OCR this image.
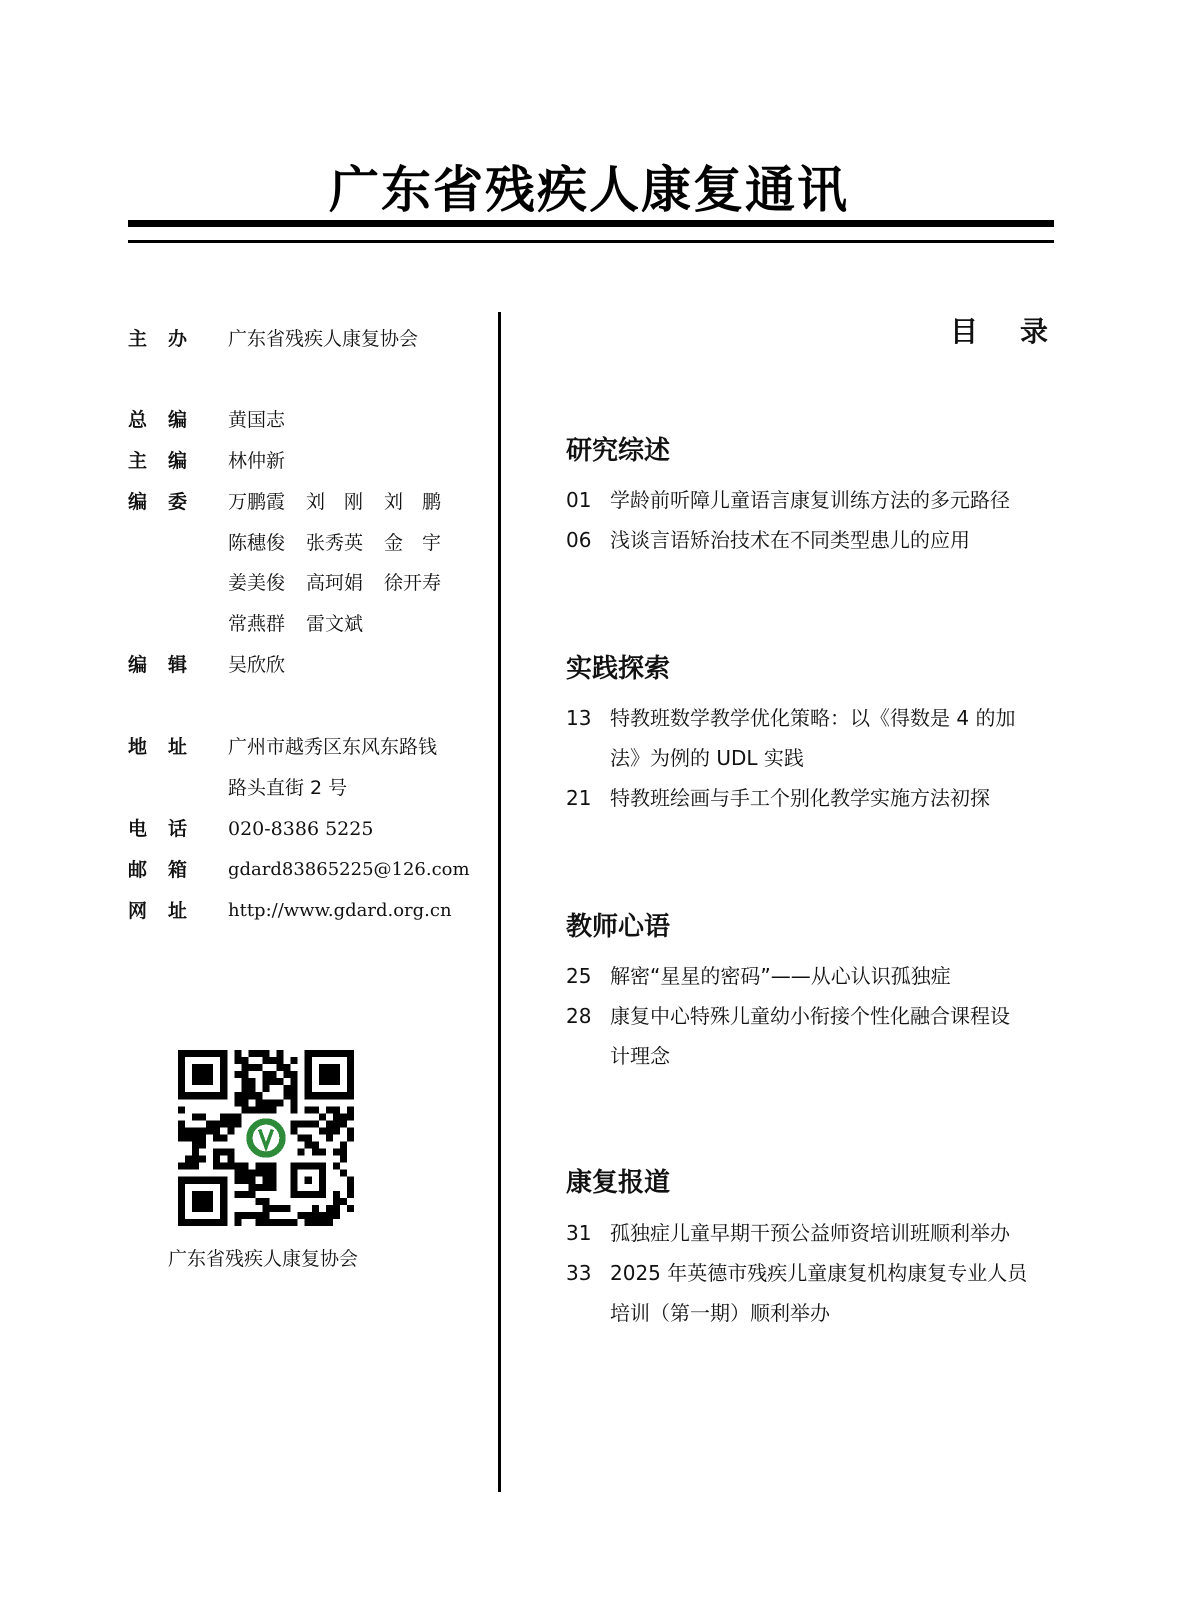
广东省残疾人康复通讯
主 办 广东省残疾人康复协会
总 编 黄国志
主 编 林仲新
编 委 万鹏霞 刘　刚 刘　鹏
陈穗俊 张秀英 金　宇
姜美俊 高珂娟 徐开寿
常燕群 雷文斌
编 辑 吴欣欣
地 址 广州市越秀区东风东路钱
路头直街 2 号
电 话 020-8386 5225
邮 箱 gdard83865225@126.com
网 址 http://www.gdard.org.cn
广东省残疾人康复协会
目 录
研究综述
01 学龄前听障儿童语言康复训练方法的多元路径
06 浅谈言语矫治技术在不同类型患儿的应用
实践探索
13 特教班数学教学优化策略：以《得数是 4 的加
法》为例的 UDL 实践
21 特教班绘画与手工个别化教学实施方法初探
教师心语
25 解密“星星的密码”——从心认识孤独症
28 康复中心特殊儿童幼小衔接个性化融合课程设
计理念
康复报道
31 孤独症儿童早期干预公益师资培训班顺利举办
33 2025 年英德市残疾儿童康复机构康复专业人员
培训（第一期）顺利举办
